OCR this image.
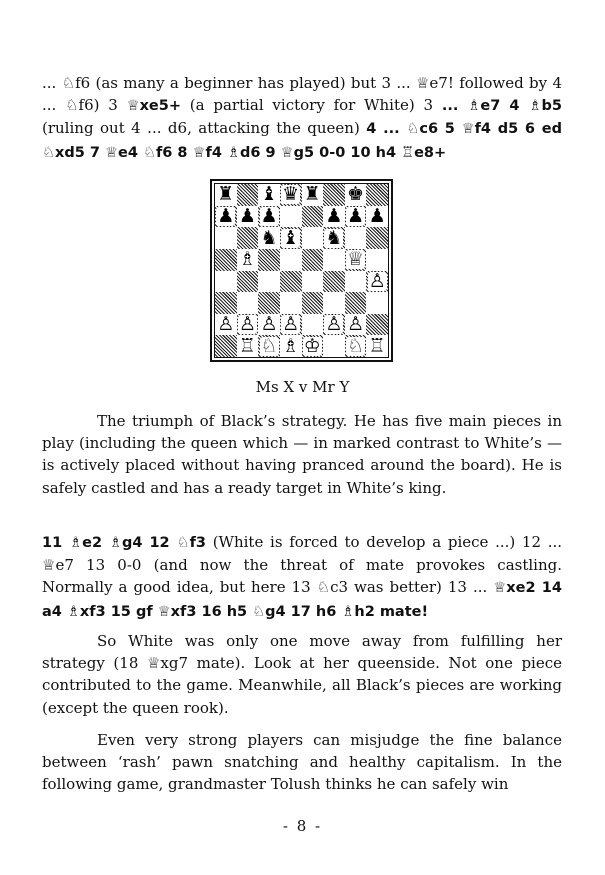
... ♘f6 (as many a beginner has played) but 3 ... ♕e7! followed by 4 ... ♘f6) 3 ♕xe5+ (a partial victory for White) 3 ... ♗e7 4 ♗b5 (ruling out 4 ... d6, attacking the queen) 4 ... ♘c6 5 ♕f4 d5 6 ed ♘xd5 7 ♕e4 ♘f6 8 ♕f4 ♗d6 9 ♕g5 0-0 10 h4 ♖e8+

♜ ♝ ♛ ♜ ♚
♟ ♟ ♟	♟ ♟ ♟
♞ ♝ ♞
♗	♕
♙
♙ ♙ ♙ ♙ ♙ ♙
♖ ♘ ♗ ♔ ♘ ♖

Ms X v Mr Y

The triumph of Black’s strategy. He has five main pieces in play (including the queen which — in marked contrast to White’s — is actively placed without having pranced around the board). He is safely castled and has a ready target in White’s king.

11 ♗e2 ♗g4 12 ♘f3 (White is forced to develop a piece ...) 12 ... ♕e7 13 0-0 (and now the threat of mate provokes castling. Normally a good idea, but here 13 ♘c3 was better) 13 ... ♕xe2 14 a4 ♗xf3 15 gf ♕xf3 16 h5 ♘g4 17 h6 ♗h2 mate!

So White was only one move away from fulfilling her strategy (18 ♕xg7 mate). Look at her queenside. Not one piece contributed to the game. Meanwhile, all Black’s pieces are working (except the queen rook).

Even very strong players can misjudge the fine balance between ‘rash’ pawn snatching and healthy capitalism. In the following game, grandmaster Tolush thinks he can safely win

- 8 -
